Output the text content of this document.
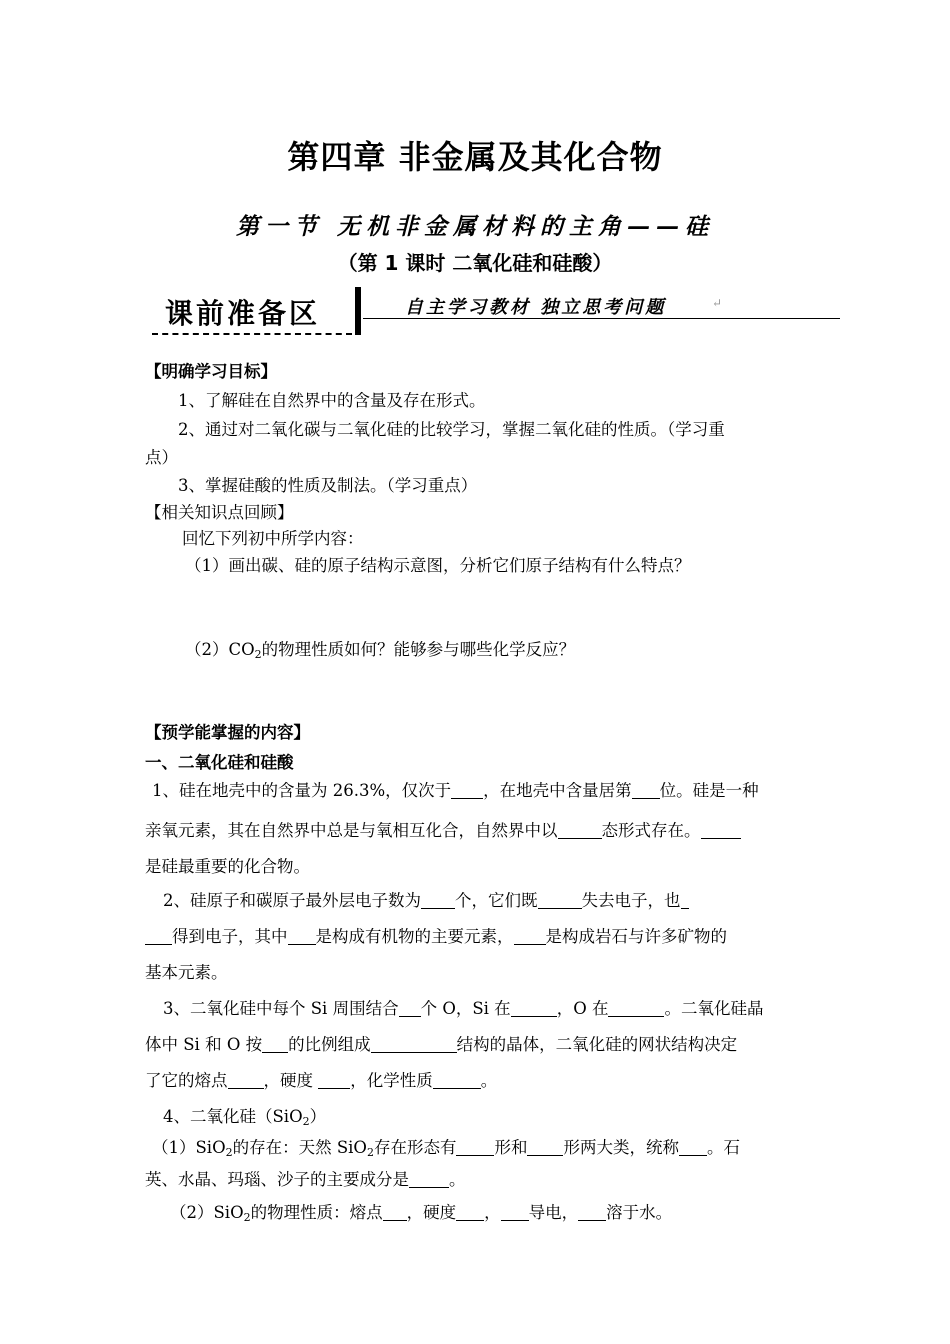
第四章 非金属及其化合物
第一节 无机非金属材料的主角——硅
（第 1 课时 二氧化硅和硅酸）
课前准备区	自主学习教材 独立思考问题	↵
【明确学习目标】
1、了解硅在自然界中的含量及存在形式。
2、通过对二氧化碳与二氧化硅的比较学习，掌握二氧化硅的性质。（学习重
点）
3、掌握硅酸的性质及制法。（学习重点）
【相关知识点回顾】
回忆下列初中所学内容：
（1）画出碳、硅的原子结构示意图，分析它们原子结构有什么特点？
$(2)CO_2$的物理性质如何？能够参与哪些化学反应？
【预学能掌握的内容】
一、二氧化硅和硅酸
1、硅在地壳中的含量为 26.3%，仅次于 ，在地壳中含量居第 位。硅是一种
亲氧元素，其在自然界中总是与氧相互化合，自然界中以	态形式存在。
是硅最重要的化合物。
2、硅原子和碳原子最外层电子数为 个，它们既	失去电子，也
得到电子，其中 是构成有机物的主要元素， 是构成岩石与许多矿物的
基本元素。
3、二氧化硅中每个 Si 周围结合 个 O，Si 在	，O 在	。二氧化硅晶
体中 Si 和 O 按 的比例组成	结构的晶体，二氧化硅的网状结构决定
了它的熔点 ，硬度 ，化学性质	。
4、二氧化硅（SiO$_2$）
（1）SiO$_2$的存在：天然 SiO$_2$存在形态有 形和 形两大类，统称 。石
英、水晶、玛瑙、沙子的主要成分是 。
（2）SiO$_2$的物理性质：熔点 ，硬度 ， 导电， 溶于水。
